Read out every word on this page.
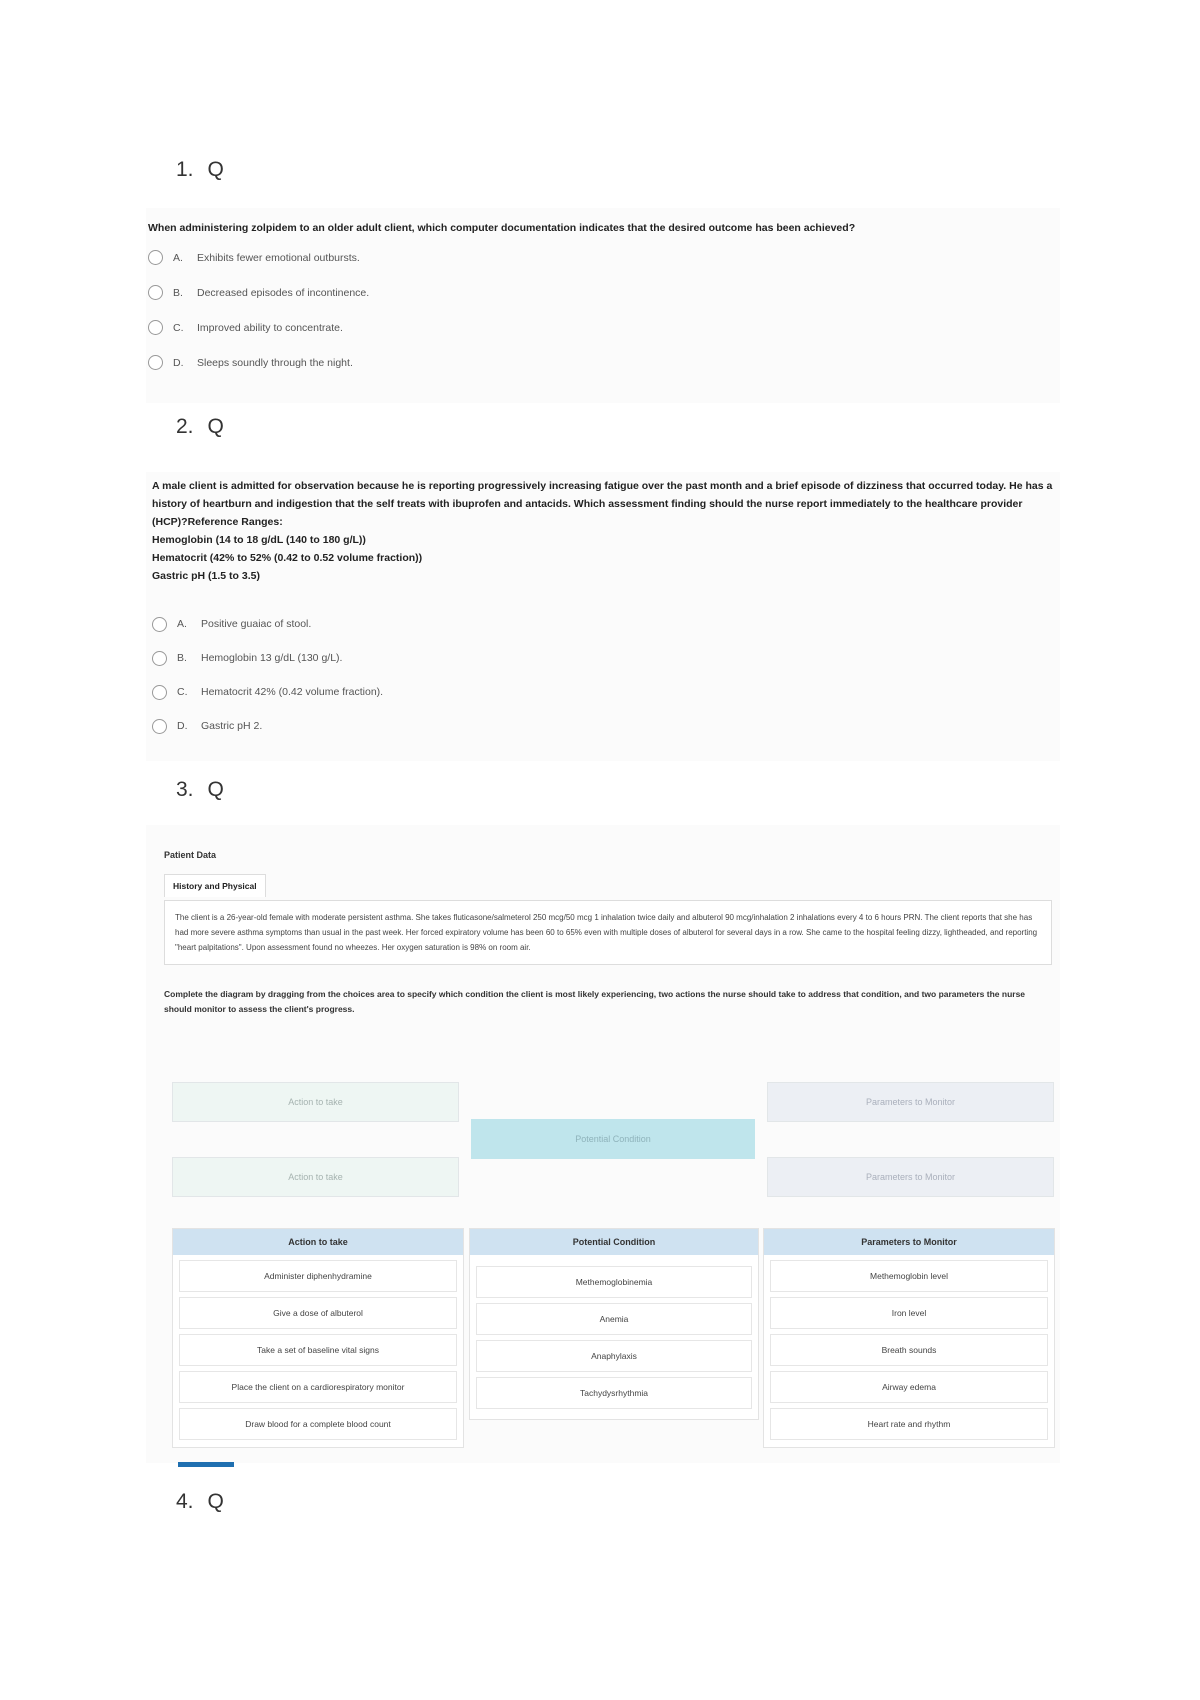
1. Q
When administering zolpidem to an older adult client, which computer documentation indicates that the desired outcome has been achieved?
A.	Exhibits fewer emotional outbursts.
B.	Decreased episodes of incontinence.
C.	Improved ability to concentrate.
D.	Sleeps soundly through the night.
2. Q
A male client is admitted for observation because he is reporting progressively increasing fatigue over the past month and a brief episode of dizziness that occurred today. He has a history of heartburn and indigestion that the self treats with ibuprofen and antacids. Which assessment finding should the nurse report immediately to the healthcare provider (HCP)?Reference Ranges:
Hemoglobin (14 to 18 g/dL (140 to 180 g/L))
Hematocrit (42% to 52% (0.42 to 0.52 volume fraction))
Gastric pH (1.5 to 3.5)
A.	Positive guaiac of stool.
B.	Hemoglobin 13 g/dL (130 g/L).
C.	Hematocrit 42% (0.42 volume fraction).
D.	Gastric pH 2.
3. Q
Patient Data
History and Physical
The client is a 26-year-old female with moderate persistent asthma. She takes fluticasone/salmeterol 250 mcg/50 mcg 1 inhalation twice daily and albuterol 90 mcg/inhalation 2 inhalations every 4 to 6 hours PRN. The client reports that she has had more severe asthma symptoms than usual in the past week. Her forced expiratory volume has been 60 to 65% even with multiple doses of albuterol for several days in a row. She came to the hospital feeling dizzy, lightheaded, and reporting "heart palpitations". Upon assessment found no wheezes. Her oxygen saturation is 98% on room air.
Complete the diagram by dragging from the choices area to specify which condition the client is most likely experiencing, two actions the nurse should take to address that condition, and two parameters the nurse should monitor to assess the client's progress.
Action to take
Action to take
Potential Condition
Parameters to Monitor
Parameters to Monitor
Action to take
Administer diphenhydramine
Give a dose of albuterol
Take a set of baseline vital signs
Place the client on a cardiorespiratory monitor
Draw blood for a complete blood count
Potential Condition
Methemoglobinemia
Anemia
Anaphylaxis
Tachydysrhythmia
Parameters to Monitor
Methemoglobin level
Iron level
Breath sounds
Airway edema
Heart rate and rhythm
4. Q
